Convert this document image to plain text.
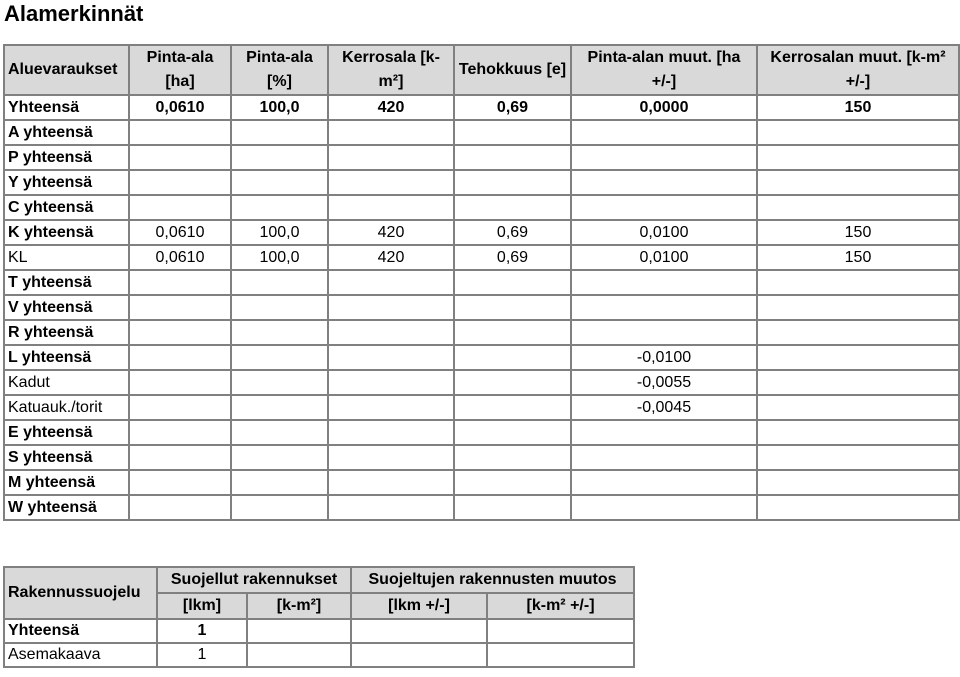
Alamerkinnät
Aluevaraukset	Pinta-ala [ha]	Pinta-ala [%]	Kerrosala [k-m²]	Tehokkuus [e]	Pinta-alan muut. [ha +/-]	Kerrosalan muut. [k-m² +/-]
Yhteensä	0,0610	100,0	420	0,69	0,0000	150
A yhteensä						
P yhteensä						
Y yhteensä						
C yhteensä						
K yhteensä	0,0610	100,0	420	0,69	0,0100	150
KL	0,0610	100,0	420	0,69	0,0100	150
T yhteensä						
V yhteensä						
R yhteensä						
L yhteensä					-0,0100	
Kadut					-0,0055	
Katuauk./torit					-0,0045	
E yhteensä						
S yhteensä						
M yhteensä						
W yhteensä						
Rakennussuojelu	Suojellut rakennukset		Suojeltujen rakennusten muutos	
	[lkm]	[k-m²]	[lkm +/-]	[k-m² +/-]
Yhteensä	1			
Asemakaava	1			
